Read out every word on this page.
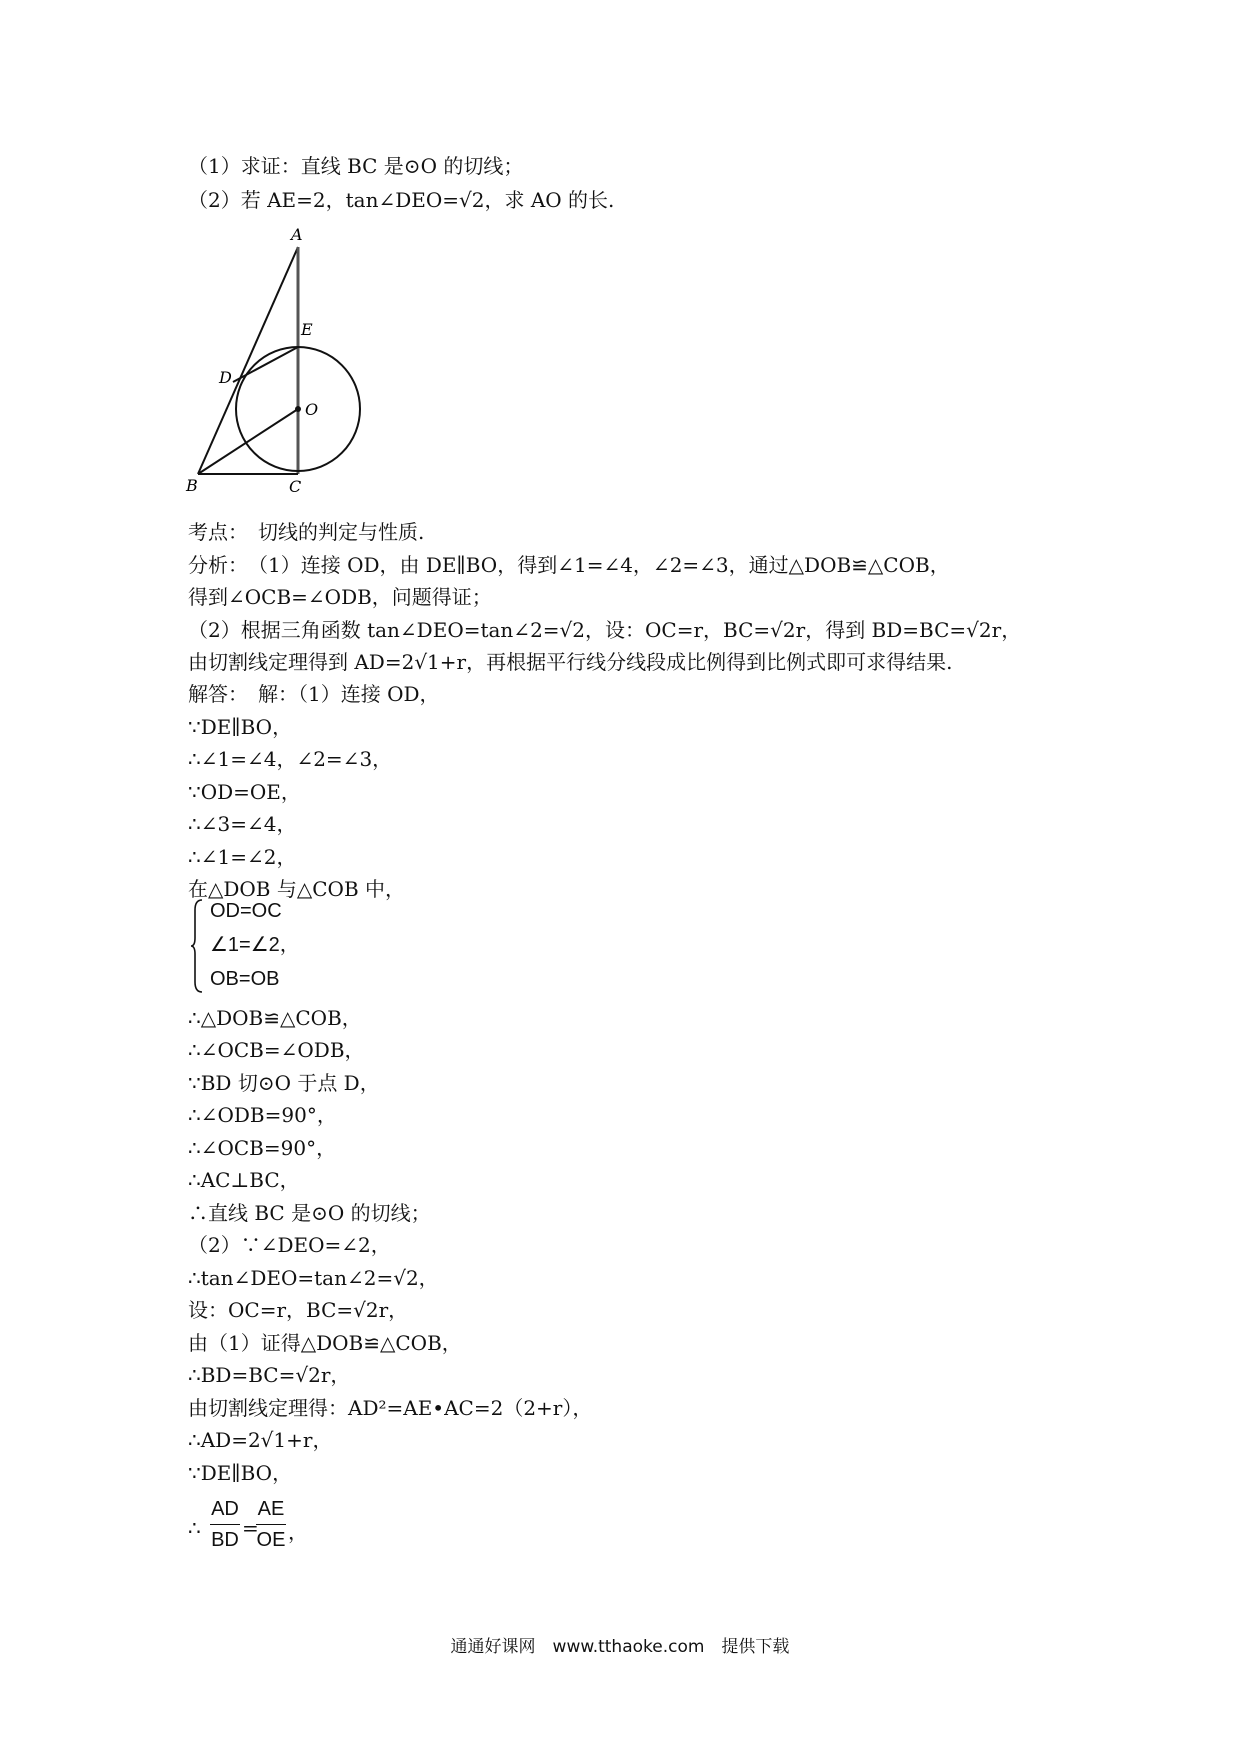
（1）求证：直线 BC 是⊙O 的切线；
（2）若 AE=2，tan∠DEO=√2，求 AO 的长.
A
E
D
O
B	C
考点：　切线的判定与性质.
分析：　（1）连接 OD，由 DE∥BO，得到∠1=∠4，∠2=∠3，通过△DOB≌△COB，
得到∠OCB=∠ODB，问题得证；
（2）根据三角函数 tan∠DEO=tan∠2=√2，设：OC=r，BC=√2r，得到 BD=BC=√2r，
由切割线定理得到 AD=2√1+r，再根据平行线分线段成比例得到比例式即可求得结果.
解答：　解：（1）连接 OD，
∵DE∥BO，
∴∠1=∠4，∠2=∠3，
∵OD=OE，
∴∠3=∠4，
∴∠1=∠2，
在△DOB 与△COB 中，
OD=OC
∠1=∠2，
OB=OB
∴△DOB≌△COB，
∴∠OCB=∠ODB，
∵BD 切⊙O 于点 D，
∴∠ODB=90°，
∴∠OCB=90°，
∴AC⊥BC，
∴直线 BC 是⊙O 的切线；
（2）∵∠DEO=∠2，
∴tan∠DEO=tan∠2=√2，
设：OC=r，BC=√2r，
由（1）证得△DOB≌△COB，
∴BD=BC=√2r，
由切割线定理得：AD²=AE•AC=2（2+r），
∴AD=2√1+r，
∵DE∥BO，
∴
AD
BD =
AE
OE ，
通通好课网　www.tthaoke.com　提供下载
